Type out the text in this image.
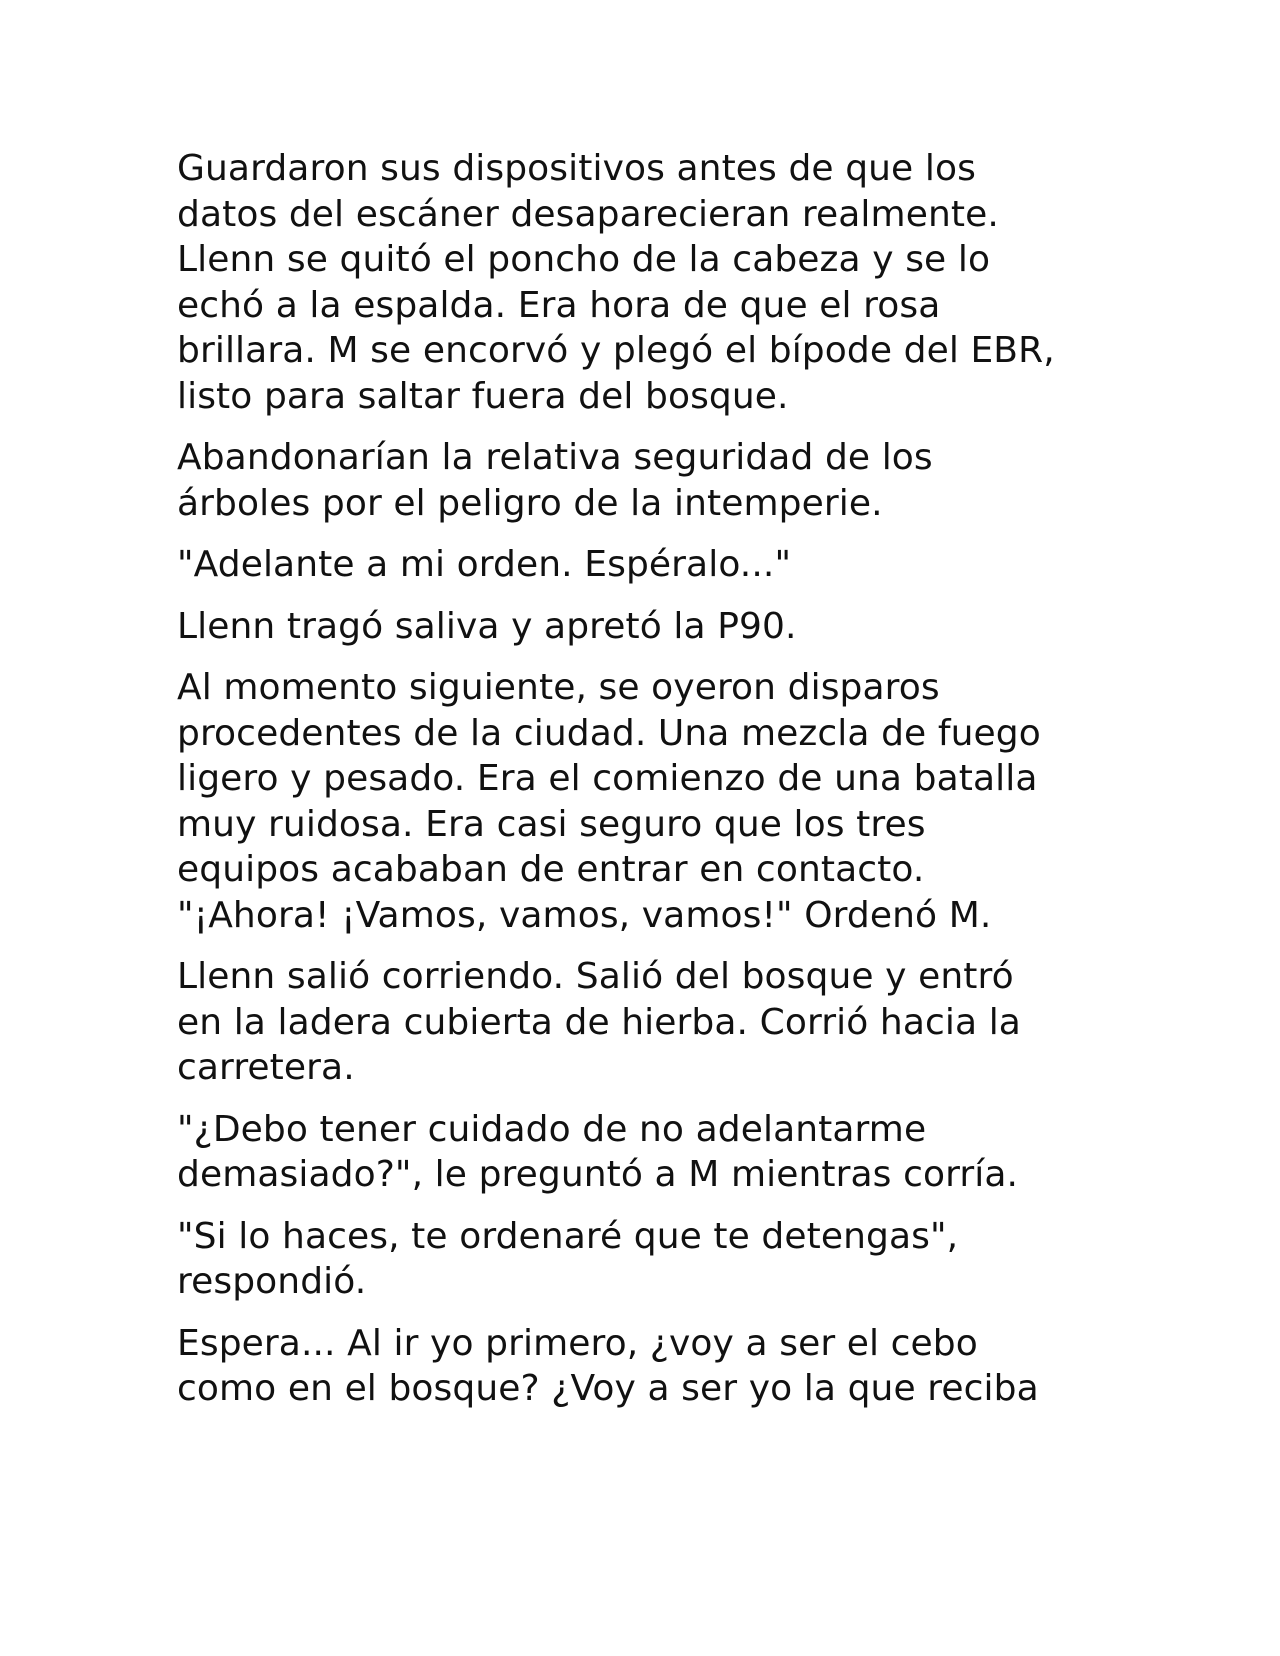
Guardaron sus dispositivos antes de que los
datos del escáner desaparecieran realmente.
Llenn se quitó el poncho de la cabeza y se lo
echó a la espalda. Era hora de que el rosa
brillara. M se encorvó y plegó el bípode del EBR,
listo para saltar fuera del bosque.

Abandonarían la relativa seguridad de los
árboles por el peligro de la intemperie.

"Adelante a mi orden. Espéralo..."

Llenn tragó saliva y apretó la P90.

Al momento siguiente, se oyeron disparos
procedentes de la ciudad. Una mezcla de fuego
ligero y pesado. Era el comienzo de una batalla
muy ruidosa. Era casi seguro que los tres
equipos acababan de entrar en contacto.
"¡Ahora! ¡Vamos, vamos, vamos!" Ordenó M.

Llenn salió corriendo. Salió del bosque y entró
en la ladera cubierta de hierba. Corrió hacia la
carretera.

"¿Debo tener cuidado de no adelantarme
demasiado?", le preguntó a M mientras corría.

"Si lo haces, te ordenaré que te detengas",
respondió.

Espera... Al ir yo primero, ¿voy a ser el cebo
como en el bosque? ¿Voy a ser yo la que reciba
